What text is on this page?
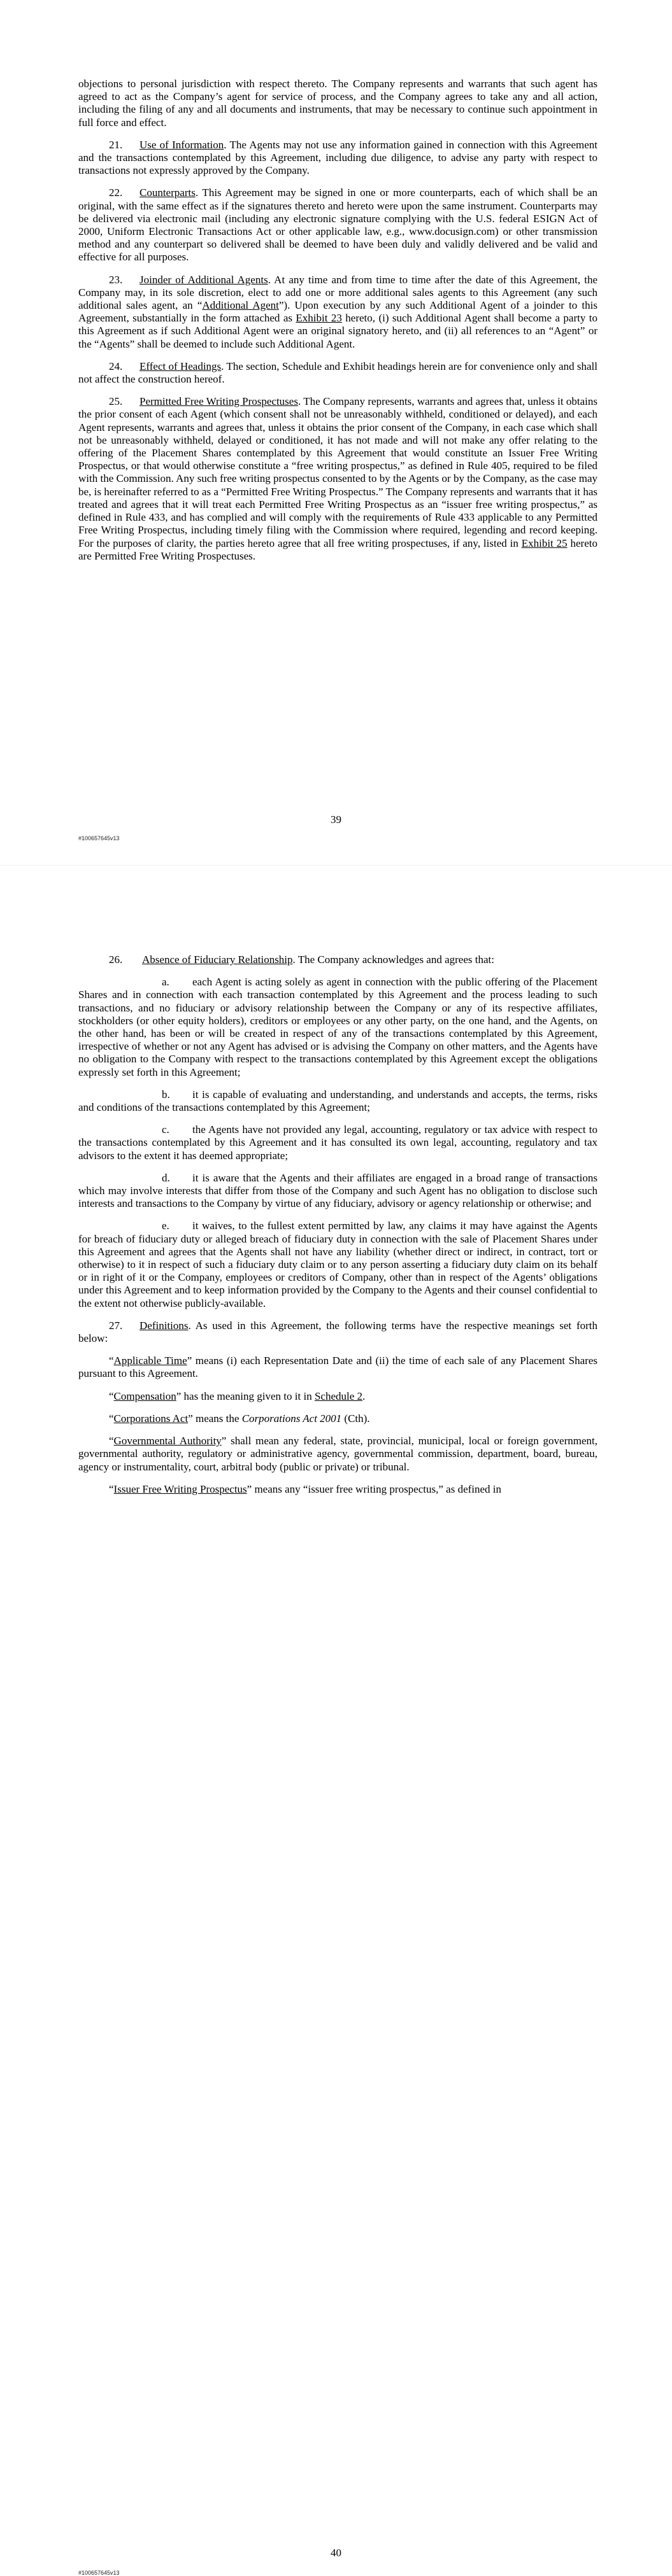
objections to personal jurisdiction with respect thereto. The Company represents and warrants that such agent has agreed to act as the Company’s agent for service of process, and the Company agrees to take any and all action, including the filing of any and all documents and instruments, that may be necessary to continue such appointment in full force and effect.

21. Use of Information. The Agents may not use any information gained in connection with this Agreement and the transactions contemplated by this Agreement, including due diligence, to advise any party with respect to transactions not expressly approved by the Company.

22. Counterparts. This Agreement may be signed in one or more counterparts, each of which shall be an original, with the same effect as if the signatures thereto and hereto were upon the same instrument. Counterparts may be delivered via electronic mail (including any electronic signature complying with the U.S. federal ESIGN Act of 2000, Uniform Electronic Transactions Act or other applicable law, e.g., www.docusign.com) or other transmission method and any counterpart so delivered shall be deemed to have been duly and validly delivered and be valid and effective for all purposes.

23. Joinder of Additional Agents. At any time and from time to time after the date of this Agreement, the Company may, in its sole discretion, elect to add one or more additional sales agents to this Agreement (any such additional sales agent, an “Additional Agent”). Upon execution by any such Additional Agent of a joinder to this Agreement, substantially in the form attached as Exhibit 23 hereto, (i) such Additional Agent shall become a party to this Agreement as if such Additional Agent were an original signatory hereto, and (ii) all references to an “Agent” or the “Agents” shall be deemed to include such Additional Agent.

24. Effect of Headings. The section, Schedule and Exhibit headings herein are for convenience only and shall not affect the construction hereof.

25. Permitted Free Writing Prospectuses. The Company represents, warrants and agrees that, unless it obtains the prior consent of each Agent (which consent shall not be unreasonably withheld, conditioned or delayed), and each Agent represents, warrants and agrees that, unless it obtains the prior consent of the Company, in each case which shall not be unreasonably withheld, delayed or conditioned, it has not made and will not make any offer relating to the offering of the Placement Shares contemplated by this Agreement that would constitute an Issuer Free Writing Prospectus, or that would otherwise constitute a “free writing prospectus,” as defined in Rule 405, required to be filed with the Commission. Any such free writing prospectus consented to by the Agents or by the Company, as the case may be, is hereinafter referred to as a “Permitted Free Writing Prospectus.” The Company represents and warrants that it has treated and agrees that it will treat each Permitted Free Writing Prospectus as an “issuer free writing prospectus,” as defined in Rule 433, and has complied and will comply with the requirements of Rule 433 applicable to any Permitted Free Writing Prospectus, including timely filing with the Commission where required, legending and record keeping. For the purposes of clarity, the parties hereto agree that all free writing prospectuses, if any, listed in Exhibit 25 hereto are Permitted Free Writing Prospectuses.

39
#100657645v13

26. Absence of Fiduciary Relationship. The Company acknowledges and agrees that:

a. each Agent is acting solely as agent in connection with the public offering of the Placement Shares and in connection with each transaction contemplated by this Agreement and the process leading to such transactions, and no fiduciary or advisory relationship between the Company or any of its respective affiliates, stockholders (or other equity holders), creditors or employees or any other party, on the one hand, and the Agents, on the other hand, has been or will be created in respect of any of the transactions contemplated by this Agreement, irrespective of whether or not any Agent has advised or is advising the Company on other matters, and the Agents have no obligation to the Company with respect to the transactions contemplated by this Agreement except the obligations expressly set forth in this Agreement;

b. it is capable of evaluating and understanding, and understands and accepts, the terms, risks and conditions of the transactions contemplated by this Agreement;

c. the Agents have not provided any legal, accounting, regulatory or tax advice with respect to the transactions contemplated by this Agreement and it has consulted its own legal, accounting, regulatory and tax advisors to the extent it has deemed appropriate;

d. it is aware that the Agents and their affiliates are engaged in a broad range of transactions which may involve interests that differ from those of the Company and such Agent has no obligation to disclose such interests and transactions to the Company by virtue of any fiduciary, advisory or agency relationship or otherwise; and

e. it waives, to the fullest extent permitted by law, any claims it may have against the Agents for breach of fiduciary duty or alleged breach of fiduciary duty in connection with the sale of Placement Shares under this Agreement and agrees that the Agents shall not have any liability (whether direct or indirect, in contract, tort or otherwise) to it in respect of such a fiduciary duty claim or to any person asserting a fiduciary duty claim on its behalf or in right of it or the Company, employees or creditors of Company, other than in respect of the Agents’ obligations under this Agreement and to keep information provided by the Company to the Agents and their counsel confidential to the extent not otherwise publicly-available.

27. Definitions. As used in this Agreement, the following terms have the respective meanings set forth below:

“Applicable Time” means (i) each Representation Date and (ii) the time of each sale of any Placement Shares pursuant to this Agreement.

“Compensation” has the meaning given to it in Schedule 2.

“Corporations Act” means the Corporations Act 2001 (Cth).

“Governmental Authority” shall mean any federal, state, provincial, municipal, local or foreign government, governmental authority, regulatory or administrative agency, governmental commission, department, board, bureau, agency or instrumentality, court, arbitral body (public or private) or tribunal.

“Issuer Free Writing Prospectus” means any “issuer free writing prospectus,” as defined in

40
#100657645v13
